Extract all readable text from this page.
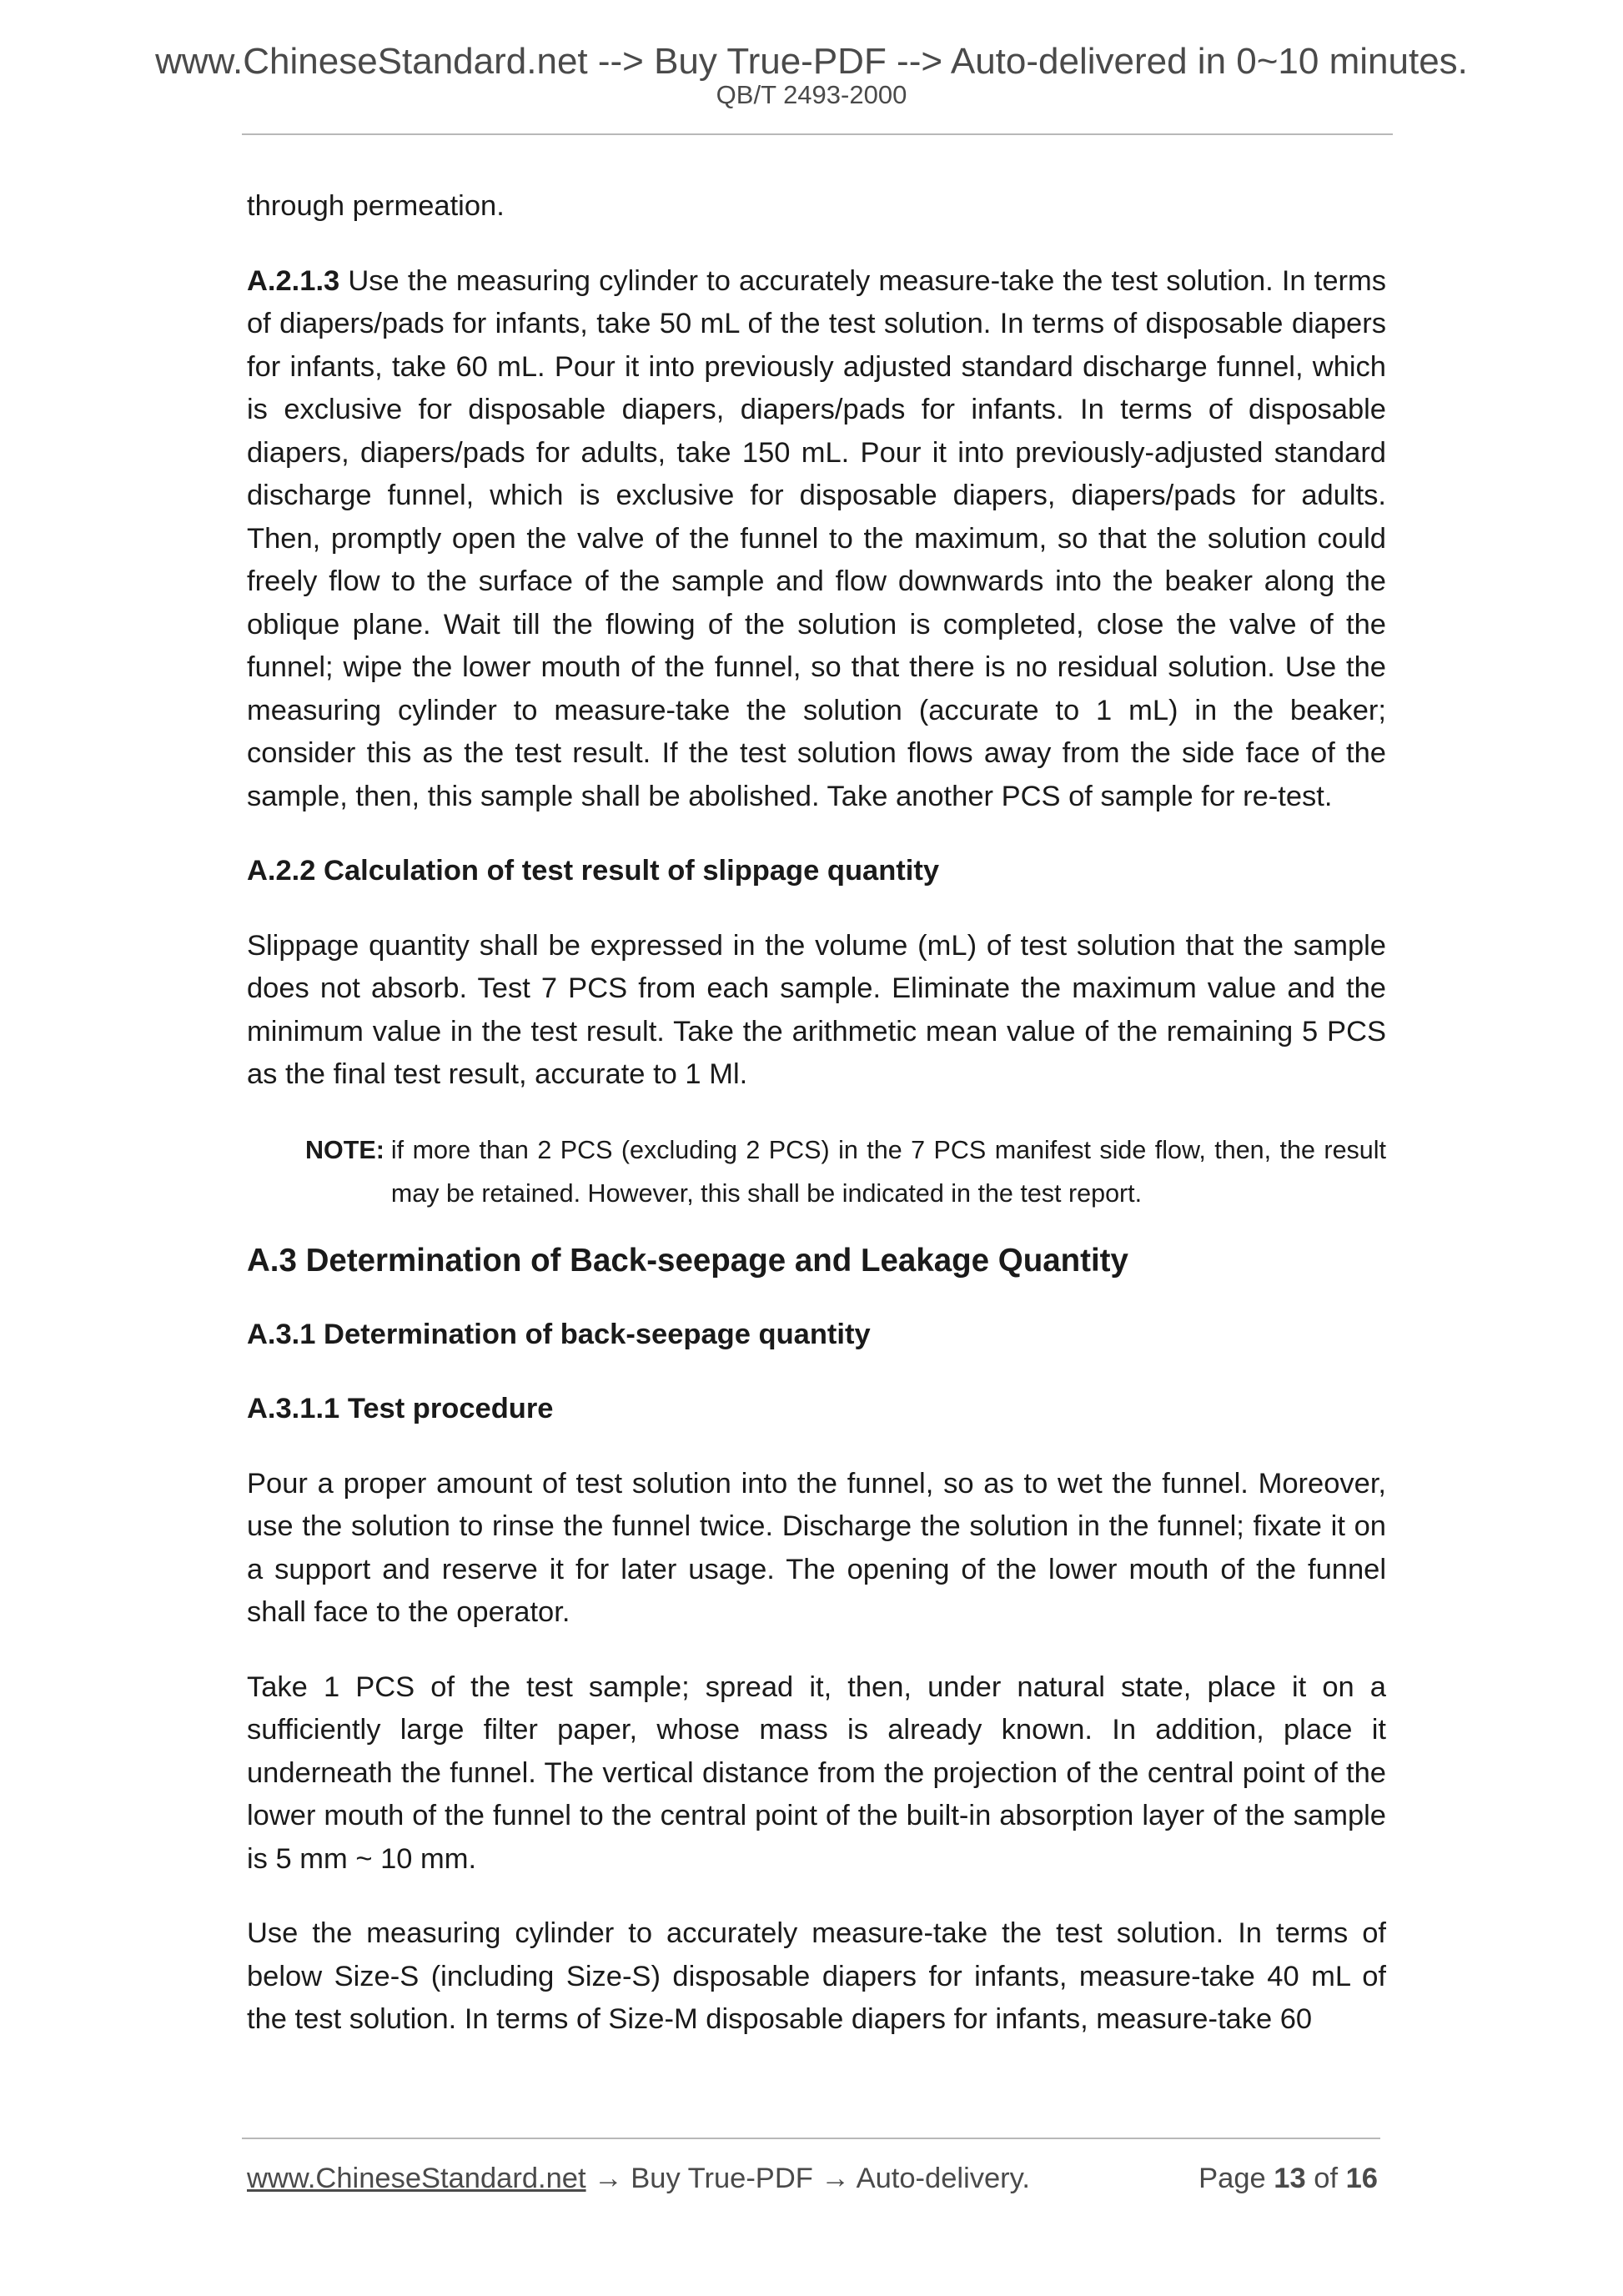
www.ChineseStandard.net --> Buy True-PDF --> Auto-delivered in 0~10 minutes.
QB/T 2493-2000

through permeation.

A.2.1.3 Use the measuring cylinder to accurately measure-take the test solution. In terms of diapers/pads for infants, take 50 mL of the test solution. In terms of disposable diapers for infants, take 60 mL. Pour it into previously adjusted standard discharge funnel, which is exclusive for disposable diapers, diapers/pads for infants. In terms of disposable diapers, diapers/pads for adults, take 150 mL. Pour it into previously-adjusted standard discharge funnel, which is exclusive for disposable diapers, diapers/pads for adults. Then, promptly open the valve of the funnel to the maximum, so that the solution could freely flow to the surface of the sample and flow downwards into the beaker along the oblique plane. Wait till the flowing of the solution is completed, close the valve of the funnel; wipe the lower mouth of the funnel, so that there is no residual solution. Use the measuring cylinder to measure-take the solution (accurate to 1 mL) in the beaker; consider this as the test result. If the test solution flows away from the side face of the sample, then, this sample shall be abolished. Take another PCS of sample for re-test.

A.2.2 Calculation of test result of slippage quantity

Slippage quantity shall be expressed in the volume (mL) of test solution that the sample does not absorb. Test 7 PCS from each sample. Eliminate the maximum value and the minimum value in the test result. Take the arithmetic mean value of the remaining 5 PCS as the final test result, accurate to 1 Ml.

NOTE: if more than 2 PCS (excluding 2 PCS) in the 7 PCS manifest side flow, then, the result may be retained. However, this shall be indicated in the test report.
A.3 Determination of Back-seepage and Leakage Quantity
A.3.1 Determination of back-seepage quantity
A.3.1.1 Test procedure

Pour a proper amount of test solution into the funnel, so as to wet the funnel. Moreover, use the solution to rinse the funnel twice. Discharge the solution in the funnel; fixate it on a support and reserve it for later usage. The opening of the lower mouth of the funnel shall face to the operator.

Take 1 PCS of the test sample; spread it, then, under natural state, place it on a sufficiently large filter paper, whose mass is already known. In addition, place it underneath the funnel. The vertical distance from the projection of the central point of the lower mouth of the funnel to the central point of the built-in absorption layer of the sample is 5 mm ~ 10 mm.

Use the measuring cylinder to accurately measure-take the test solution. In terms of below Size-S (including Size-S) disposable diapers for infants, measure-take 40 mL of the test solution. In terms of Size-M disposable diapers for infants, measure-take 60

www.ChineseStandard.net → Buy True-PDF → Auto-delivery.	Page 13 of 16
